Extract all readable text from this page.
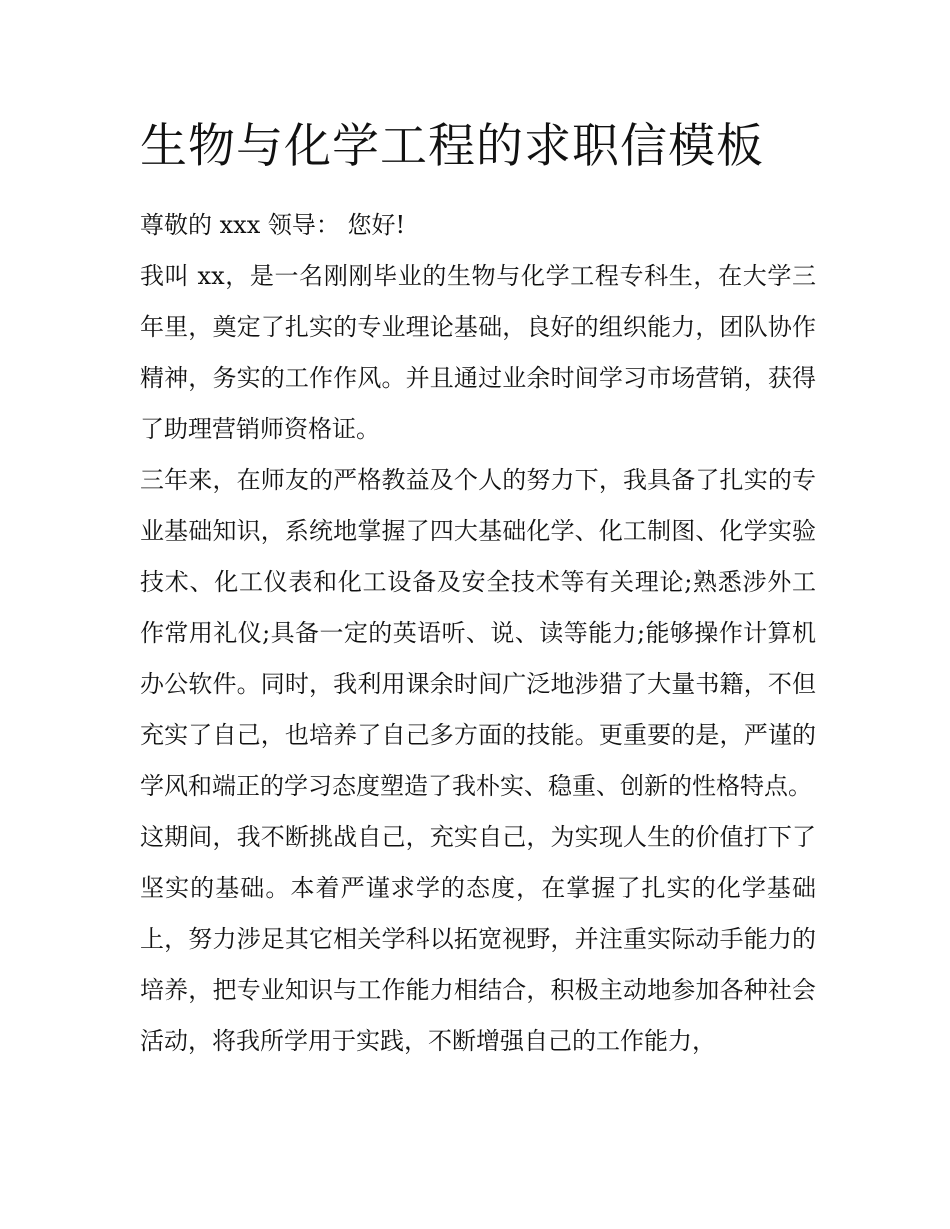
生物与化学工程的求职信模板

尊敬的 xxx 领导： 您好!

我叫 xx，是一名刚刚毕业的生物与化学工程专科生，在大学三年里，奠定了扎实的专业理论基础，良好的组织能力，团队协作精神，务实的工作作风。并且通过业余时间学习市场营销，获得了助理营销师资格证。

三年来，在师友的严格教益及个人的努力下，我具备了扎实的专业基础知识，系统地掌握了四大基础化学、化工制图、化学实验技术、化工仪表和化工设备及安全技术等有关理论;熟悉涉外工作常用礼仪;具备一定的英语听、说、读等能力;能够操作计算机办公软件。同时，我利用课余时间广泛地涉猎了大量书籍，不但充实了自己，也培养了自己多方面的技能。更重要的是，严谨的学风和端正的学习态度塑造了我朴实、稳重、创新的性格特点。

这期间，我不断挑战自己，充实自己，为实现人生的价值打下了坚实的基础。本着严谨求学的态度，在掌握了扎实的化学基础上，努力涉足其它相关学科以拓宽视野，并注重实际动手能力的培养，把专业知识与工作能力相结合，积极主动地参加各种社会活动，将我所学用于实践，不断增强自己的工作能力，
